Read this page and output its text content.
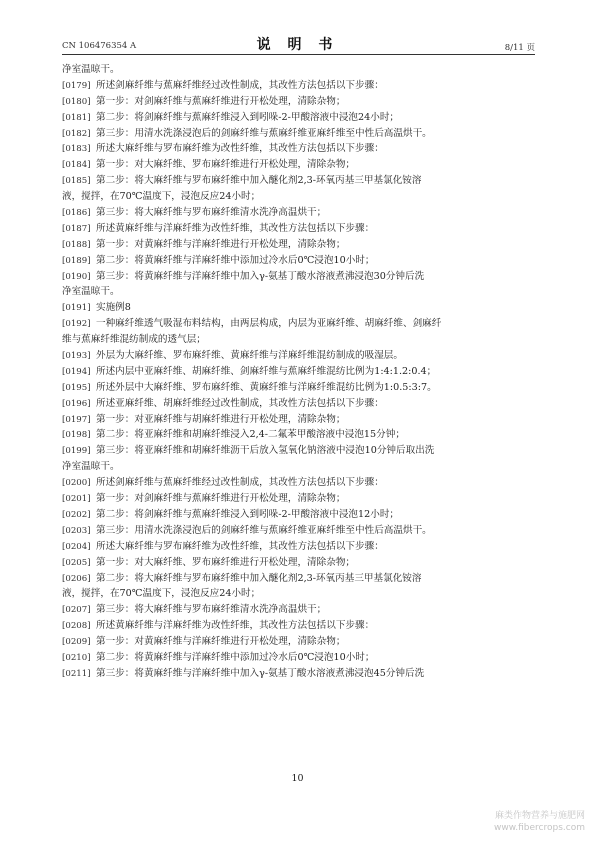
CN 106476354 A	说 明 书	8/11 页
净室温晾干。
[0179] 所述剑麻纤维与蕉麻纤维经过改性制成，其改性方法包括以下步骤：
[0180] 第一步：对剑麻纤维与蕉麻纤维进行开松处理，清除杂物；
[0181] 第二步：将剑麻纤维与蕉麻纤维浸入到吲哚-2-甲酸溶液中浸泡24小时；
[0182] 第三步：用清水洗涤浸泡后的剑麻纤维与蕉麻纤维亚麻纤维至中性后高温烘干。
[0183] 所述大麻纤维与罗布麻纤维为改性纤维，其改性方法包括以下步骤：
[0184] 第一步：对大麻纤维、罗布麻纤维进行开松处理，清除杂物；
[0185] 第二步：将大麻纤维与罗布麻纤维中加入醚化剂2,3-环氧丙基三甲基氯化铵溶
液，搅拌，在70℃温度下，浸泡反应24小时；
[0186] 第三步：将大麻纤维与罗布麻纤维清水洗净高温烘干；
[0187] 所述黄麻纤维与洋麻纤维为改性纤维，其改性方法包括以下步骤：
[0188] 第一步：对黄麻纤维与洋麻纤维进行开松处理，清除杂物；
[0189] 第二步：将黄麻纤维与洋麻纤维中添加过冷水后0℃浸泡10小时；
[0190] 第三步：将黄麻纤维与洋麻纤维中加入γ-氨基丁酸水溶液煮沸浸泡30分钟后洗
净室温晾干。
[0191] 实施例8
[0192] 一种麻纤维透气吸湿布料结构，由两层构成，内层为亚麻纤维、胡麻纤维、剑麻纤
维与蕉麻纤维混纺制成的透气层；
[0193] 外层为大麻纤维、罗布麻纤维、黄麻纤维与洋麻纤维混纺制成的吸湿层。
[0194] 所述内层中亚麻纤维、胡麻纤维、剑麻纤维与蕉麻纤维混纺比例为1:4:1.2:0.4；
[0195] 所述外层中大麻纤维、罗布麻纤维、黄麻纤维与洋麻纤维混纺比例为1:0.5:3:7。
[0196] 所述亚麻纤维、胡麻纤维经过改性制成，其改性方法包括以下步骤：
[0197] 第一步：对亚麻纤维与胡麻纤维进行开松处理，清除杂物；
[0198] 第二步：将亚麻纤维和胡麻纤维浸入2,4-二氟苯甲酸溶液中浸泡15分钟；
[0199] 第三步：将亚麻纤维和胡麻纤维沥干后放入氢氧化钠溶液中浸泡10分钟后取出洗
净室温晾干。
[0200] 所述剑麻纤维与蕉麻纤维经过改性制成，其改性方法包括以下步骤：
[0201] 第一步：对剑麻纤维与蕉麻纤维进行开松处理，清除杂物；
[0202] 第二步：将剑麻纤维与蕉麻纤维浸入到吲哚-2-甲酸溶液中浸泡12小时；
[0203] 第三步：用清水洗涤浸泡后的剑麻纤维与蕉麻纤维亚麻纤维至中性后高温烘干。
[0204] 所述大麻纤维与罗布麻纤维为改性纤维，其改性方法包括以下步骤：
[0205] 第一步：对大麻纤维、罗布麻纤维进行开松处理，清除杂物；
[0206] 第二步：将大麻纤维与罗布麻纤维中加入醚化剂2,3-环氧丙基三甲基氯化铵溶
液，搅拌，在70℃温度下，浸泡反应24小时；
[0207] 第三步：将大麻纤维与罗布麻纤维清水洗净高温烘干；
[0208] 所述黄麻纤维与洋麻纤维为改性纤维，其改性方法包括以下步骤：
[0209] 第一步：对黄麻纤维与洋麻纤维进行开松处理，清除杂物；
[0210] 第二步：将黄麻纤维与洋麻纤维中添加过冷水后0℃浸泡10小时；
[0211] 第三步：将黄麻纤维与洋麻纤维中加入γ-氨基丁酸水溶液煮沸浸泡45分钟后洗
10
麻类作物营养与施肥网
www.fibercrops.com
